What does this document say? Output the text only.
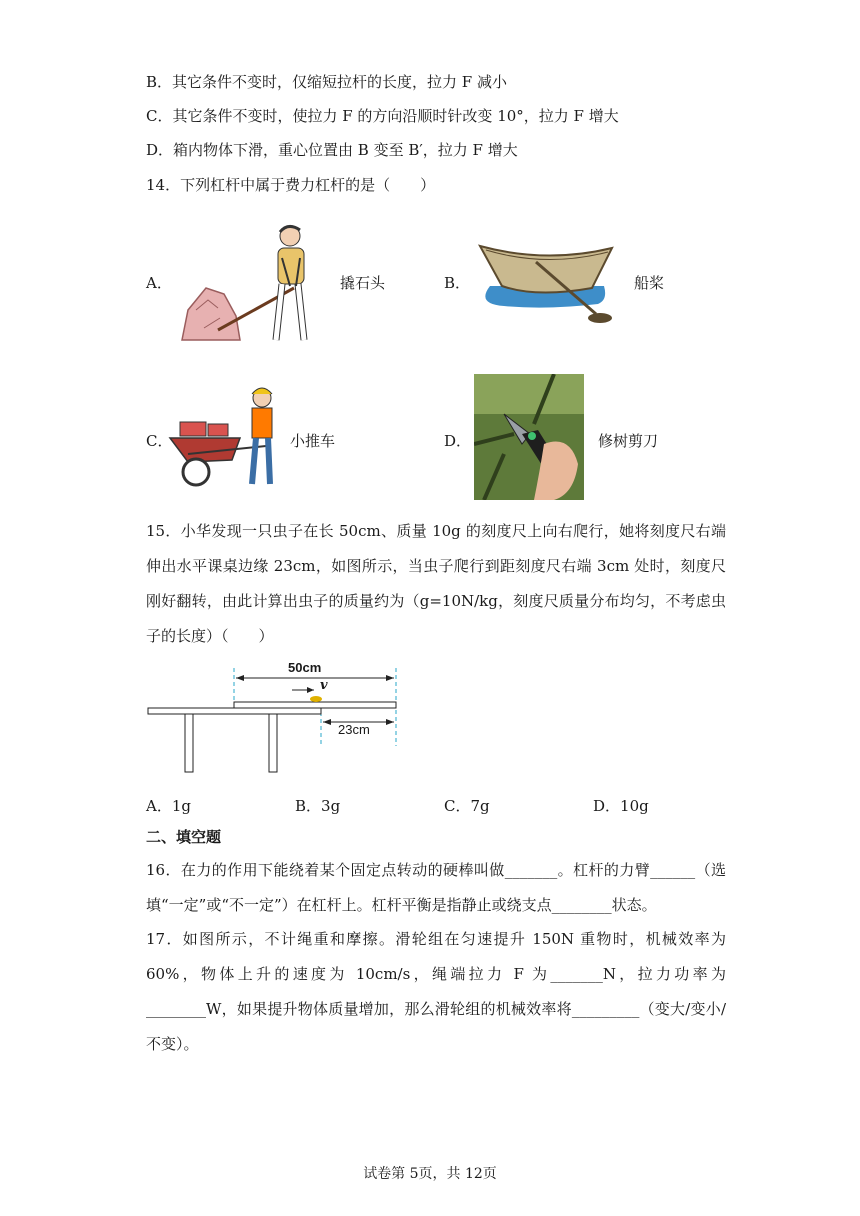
B．其它条件不变时，仅缩短拉杆的长度，拉力 F 减小
C．其它条件不变时，使拉力 F 的方向沿顺时针改变 10°，拉力 F 增大
D．箱内物体下滑，重心位置由 B 变至 B′，拉力 F 增大
14．下列杠杆中属于费力杠杆的是（　　）
A．	撬石头	B．	船桨
C．	小推车	D．	修树剪刀
15．小华发现一只虫子在长 50cm、质量 10g 的刻度尺上向右爬行，她将刻度尺右端伸出水平课桌边缘 23cm，如图所示，当虫子爬行到距刻度尺右端 3cm 处时，刻度尺刚好翻转，由此计算出虫子的质量约为（g=10N/kg，刻度尺质量分布均匀，不考虑虫子的长度）（　　）
50cm
v
23cm
A．1g	B．3g	C．7g	D．10g
二、填空题
16．在力的作用下能绕着某个固定点转动的硬棒叫做_______。杠杆的力臂______（选填“一定”或“不一定”）在杠杆上。杠杆平衡是指静止或绕支点________状态。
17．如图所示，不计绳重和摩擦。滑轮组在匀速提升 150N 重物时，机械效率为 60%，物体上升的速度为 10cm/s，绳端拉力 F 为_______N，拉力功率为________W，如果提升物体质量增加，那么滑轮组的机械效率将_________（变大/变小/不变）。
试卷第 5页，共 12页
